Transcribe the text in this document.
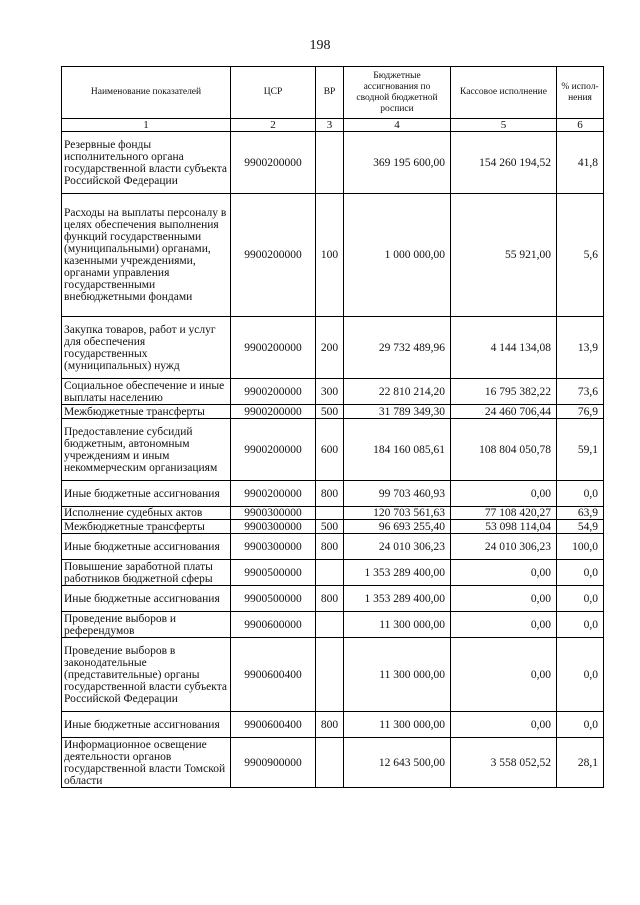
198
Наименование показателей	ЦСР	ВР	Бюджетные ассигнования по сводной бюджетной росписи	Кассовое исполнение	% испол-нения
1	2	3	4	5	6
Резервные фонды исполнительного органа государственной власти субъекта Российской Федерации	9900200000		369 195 600,00	154 260 194,52	41,8
Расходы на выплаты персоналу в целях обеспечения выполнения функций государственными (муниципальными) органами, казенными учреждениями, органами управления государственными внебюджетными фондами	9900200000	100	1 000 000,00	55 921,00	5,6
Закупка товаров, работ и услуг для обеспечения государственных (муниципальных) нужд	9900200000	200	29 732 489,96	4 144 134,08	13,9
Социальное обеспечение и иные выплаты населению	9900200000	300	22 810 214,20	16 795 382,22	73,6
Межбюджетные трансферты	9900200000	500	31 789 349,30	24 460 706,44	76,9
Предоставление субсидий бюджетным, автономным учреждениям и иным некоммерческим организациям	9900200000	600	184 160 085,61	108 804 050,78	59,1
Иные бюджетные ассигнования	9900200000	800	99 703 460,93	0,00	0,0
Исполнение судебных актов	9900300000		120 703 561,63	77 108 420,27	63,9
Межбюджетные трансферты	9900300000	500	96 693 255,40	53 098 114,04	54,9
Иные бюджетные ассигнования	9900300000	800	24 010 306,23	24 010 306,23	100,0
Повышение заработной платы работников бюджетной сферы	9900500000		1 353 289 400,00	0,00	0,0
Иные бюджетные ассигнования	9900500000	800	1 353 289 400,00	0,00	0,0
Проведение выборов и референдумов	9900600000		11 300 000,00	0,00	0,0
Проведение выборов в законодательные (представительные) органы государственной власти субъекта Российской Федерации	9900600400		11 300 000,00	0,00	0,0
Иные бюджетные ассигнования	9900600400	800	11 300 000,00	0,00	0,0
Информационное освещение деятельности органов государственной власти Томской области	9900900000		12 643 500,00	3 558 052,52	28,1
